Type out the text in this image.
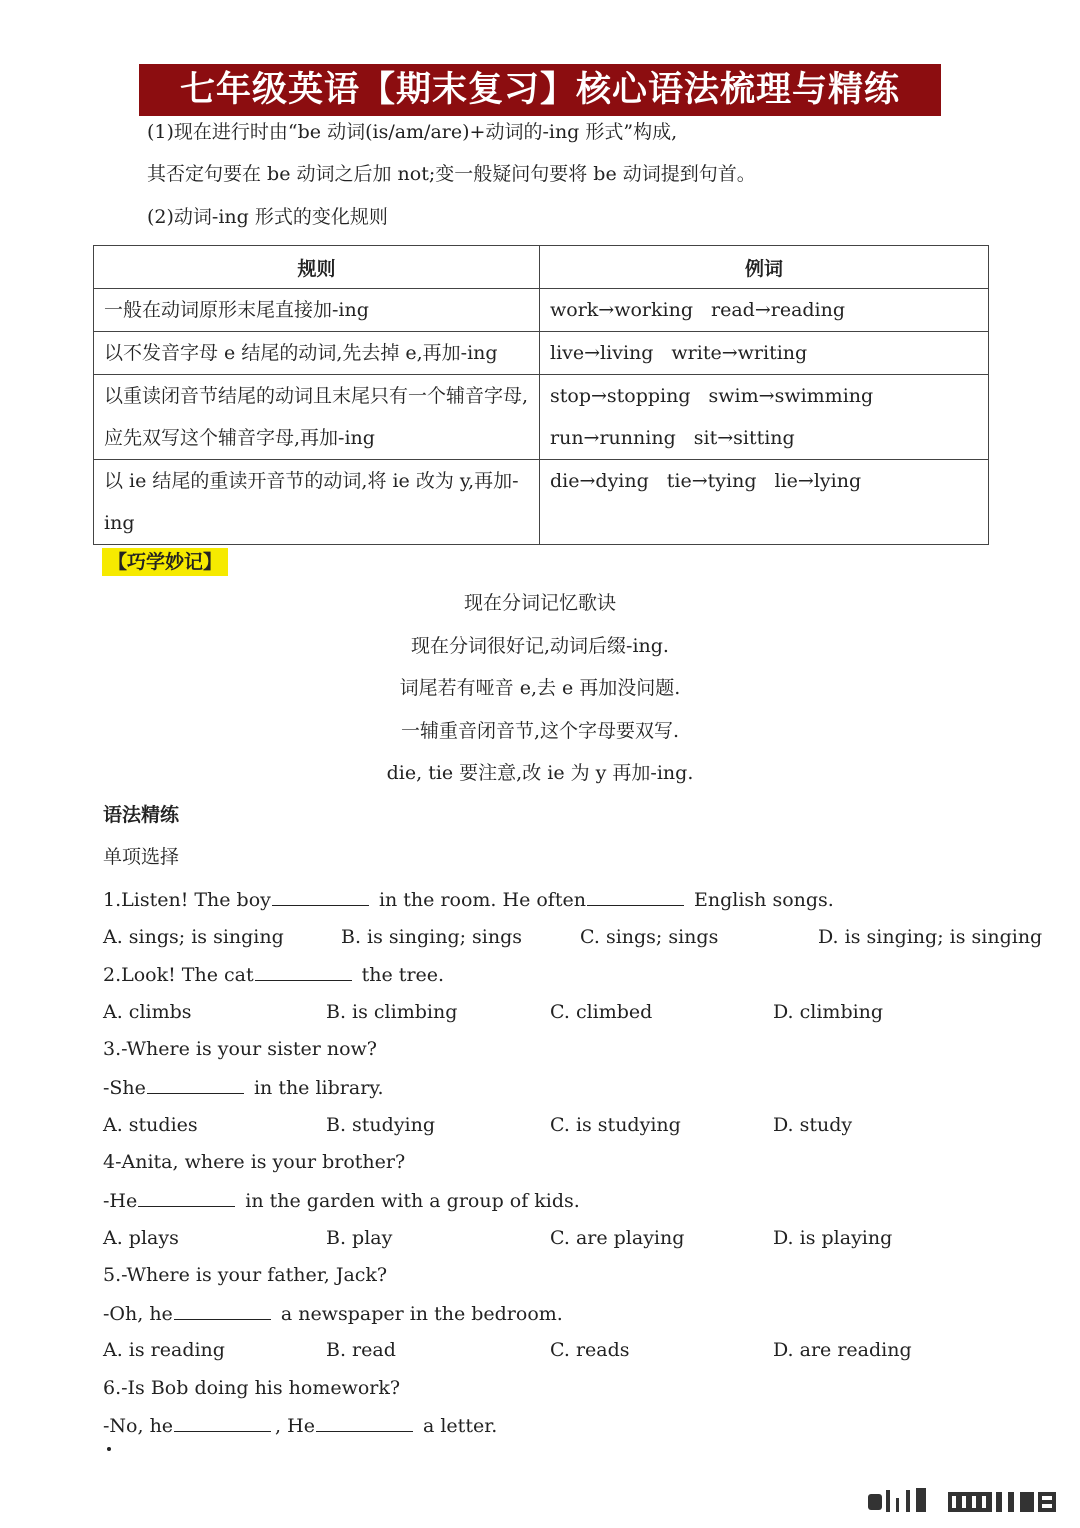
七年级英语【期末复习】核心语法梳理与精练
(1)现在进行时由“be 动词(is/am/are)+动词的-ing 形式”构成,
其否定句要在 be 动词之后加 not;变一般疑问句要将 be 动词提到句首。
(2)动词-ing 形式的变化规则
规则	例词
一般在动词原形末尾直接加-ing	work→working read→reading
以不发音字母 e 结尾的动词,先去掉 e,再加-ing	live→living write→writing
以重读闭音节结尾的动词且末尾只有一个辅音字母,应先双写这个辅音字母,再加-ing	stop→stopping swim→swimming
run→running sit→sitting
以 ie 结尾的重读开音节的动词,将 ie 改为 y,再加-ing	die→dying tie→tying lie→lying
【巧学妙记】
现在分词记忆歌诀
现在分词很好记,动词后缀-ing.
词尾若有哑音 e,去 e 再加没问题.
一辅重音闭音节,这个字母要双写.
die, tie 要注意,改 ie 为 y 再加-ing.
语法精练
单项选择
1.Listen! The boy	in the room. He often	English songs.
A. sings; is singing	B. is singing; sings	C. sings; sings	D. is singing; is singing
2.Look! The cat	the tree.
A. climbs	B. is climbing	C. climbed	D. climbing
3.-Where is your sister now?
-She	in the library.
A. studies	B. studying	C. is studying	D. study
4-Anita, where is your brother?
-He	in the garden with a group of kids.
A. plays	B. play	C. are playing	D. is playing
5.-Where is your father, Jack?
-Oh, he	a newspaper in the bedroom.
A. is reading	B. read	C. reads	D. are reading
6.-Is Bob doing his homework?
-No, he	, He	a letter.
